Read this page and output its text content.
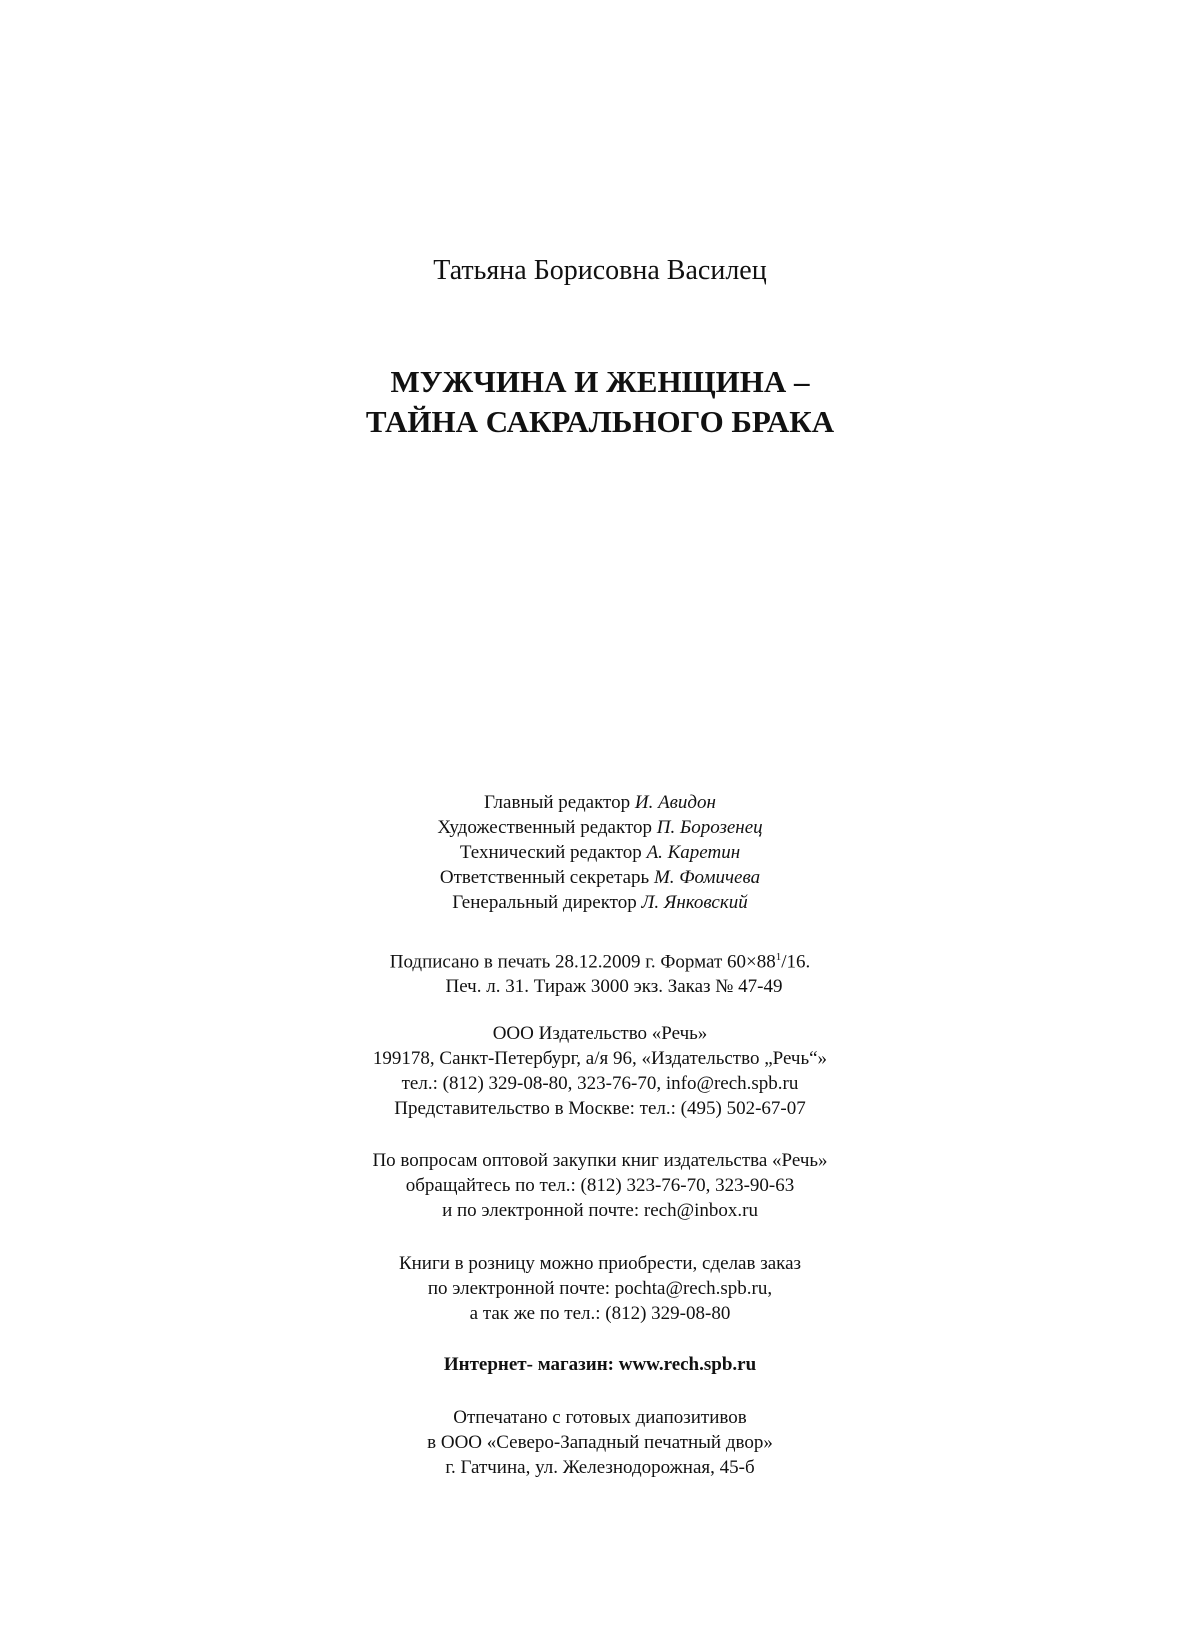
Татьяна Борисовна Василец
МУЖЧИНА И ЖЕНЩИНА –
ТАЙНА САКРАЛЬНОГО БРАКА
Главный редактор И. Авидон
Художественный редактор П. Борозенец
Технический редактор А. Каретин
Ответственный секретарь М. Фомичева
Генеральный директор Л. Янковский
Подписано в печать 28.12.2009 г. Формат $60\times 88^1/16$.
Печ. л. 31. Тираж 3000 экз. Заказ № 47-49
ООО Издательство «Речь»
199178, Санкт-Петербург, а/я 96, «Издательство „Речь“»
тел.: (812) 329-08-80, 323-76-70, info@rech.spb.ru
Представительство в Москве: тел.: (495) 502-67-07
По вопросам оптовой закупки книг издательства «Речь»
обращайтесь по тел.: (812) 323-76-70, 323-90-63
и по электронной почте: rech@inbox.ru
Книги в розницу можно приобрести, сделав заказ
по электронной почте: pochta@rech.spb.ru,
а так же по тел.: (812) 329-08-80
Интернет- магазин: www.rech.spb.ru
Отпечатано с готовых диапозитивов
в ООО «Северо-Западный печатный двор»
г. Гатчина, ул. Железнодорожная, 45-б
